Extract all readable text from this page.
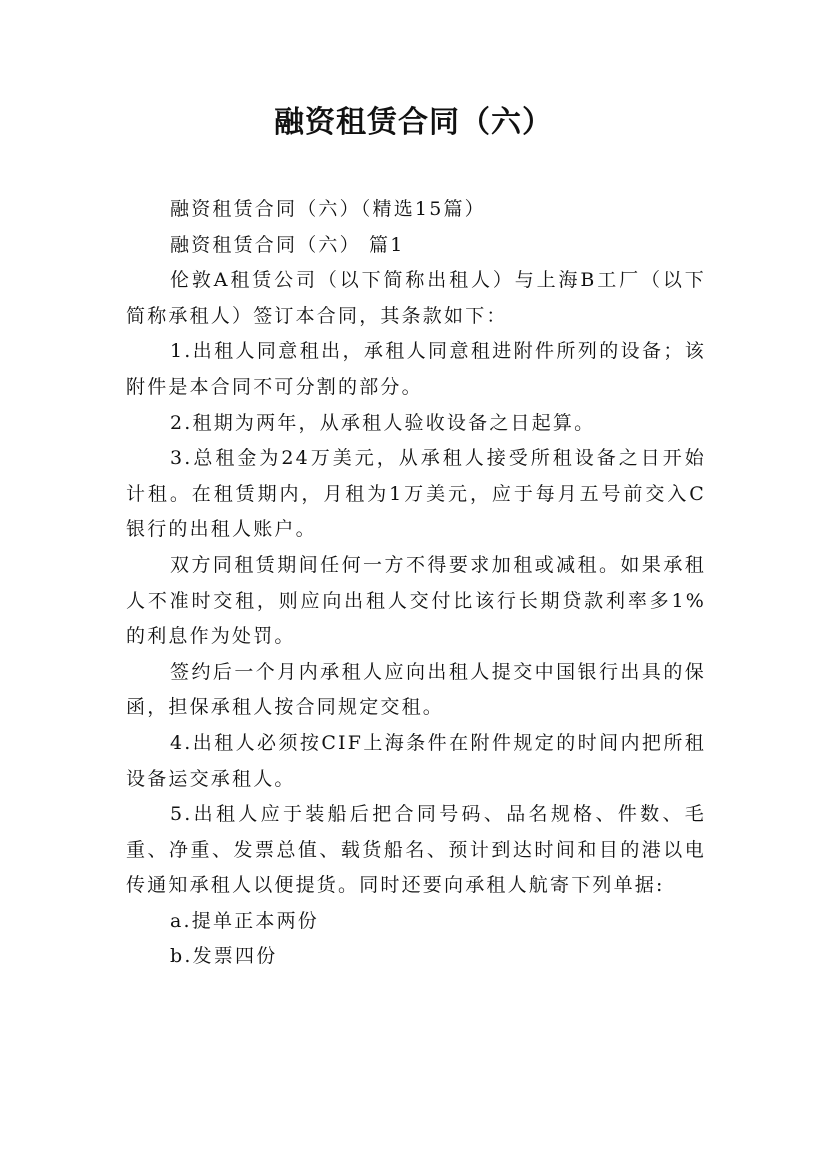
融资租赁合同（六）

融资租赁合同（六）（精选15篇）

融资租赁合同（六） 篇1

伦敦A租赁公司（以下简称出租人）与上海B工厂（以下简称承租人）签订本合同，其条款如下：

1.出租人同意租出，承租人同意租进附件所列的设备；该附件是本合同不可分割的部分。

2.租期为两年，从承租人验收设备之日起算。

3.总租金为24万美元，从承租人接受所租设备之日开始计租。在租赁期内，月租为1万美元，应于每月五号前交入C银行的出租人账户。

双方同租赁期间任何一方不得要求加租或减租。如果承租人不准时交租，则应向出租人交付比该行长期贷款利率多1%的利息作为处罚。

签约后一个月内承租人应向出租人提交中国银行出具的保函，担保承租人按合同规定交租。

4.出租人必须按CIF上海条件在附件规定的时间内把所租设备运交承租人。

5.出租人应于装船后把合同号码、品名规格、件数、毛重、净重、发票总值、载货船名、预计到达时间和目的港以电传通知承租人以便提货。同时还要向承租人航寄下列单据:

a.提单正本两份

b.发票四份
